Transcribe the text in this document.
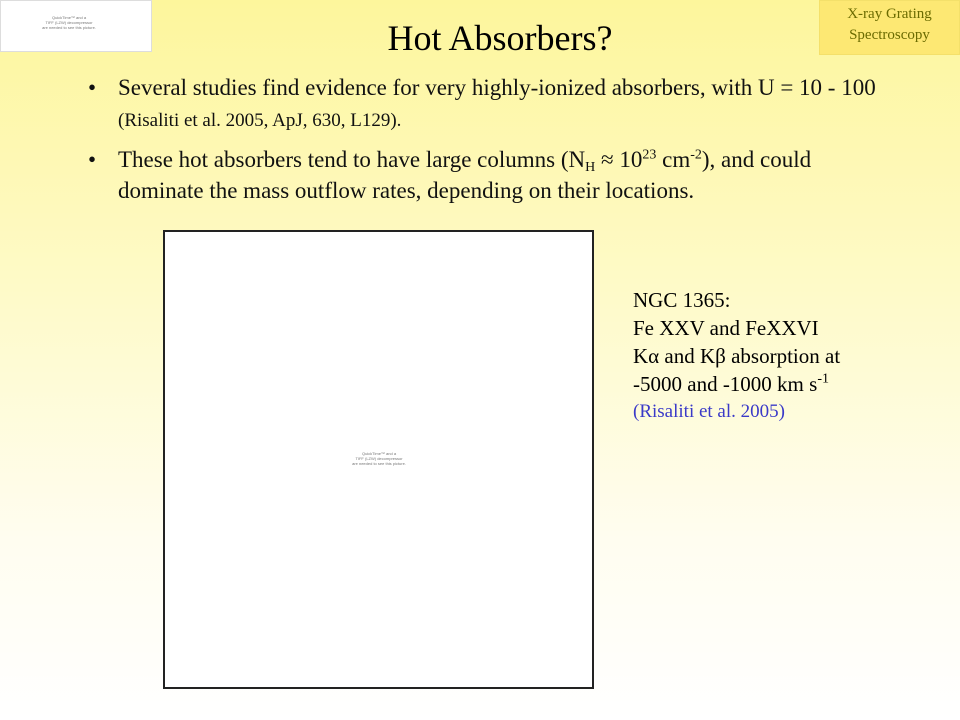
QuickTime™ and a
TIFF (LZW) decompressor
are needed to see this picture.
X-ray Grating
Spectroscopy
Hot Absorbers?
• Several studies find evidence for very highly-ionized absorbers, with U = 10 - 100 (Risaliti et al. 2005, ApJ, 630, L129).
• These hot absorbers tend to have large columns ($N_H \approx 10^{23}$ $cm^{-2}$), and could dominate the mass outflow rates, depending on their locations.
QuickTime™ and a
TIFF (LZW) decompressor
are needed to see this picture.
NGC 1365:
Fe XXV and FeXXVI
Kα and Kβ absorption at
-5000 and -1000 km $s^{-1}$
(Risaliti et al. 2005)
